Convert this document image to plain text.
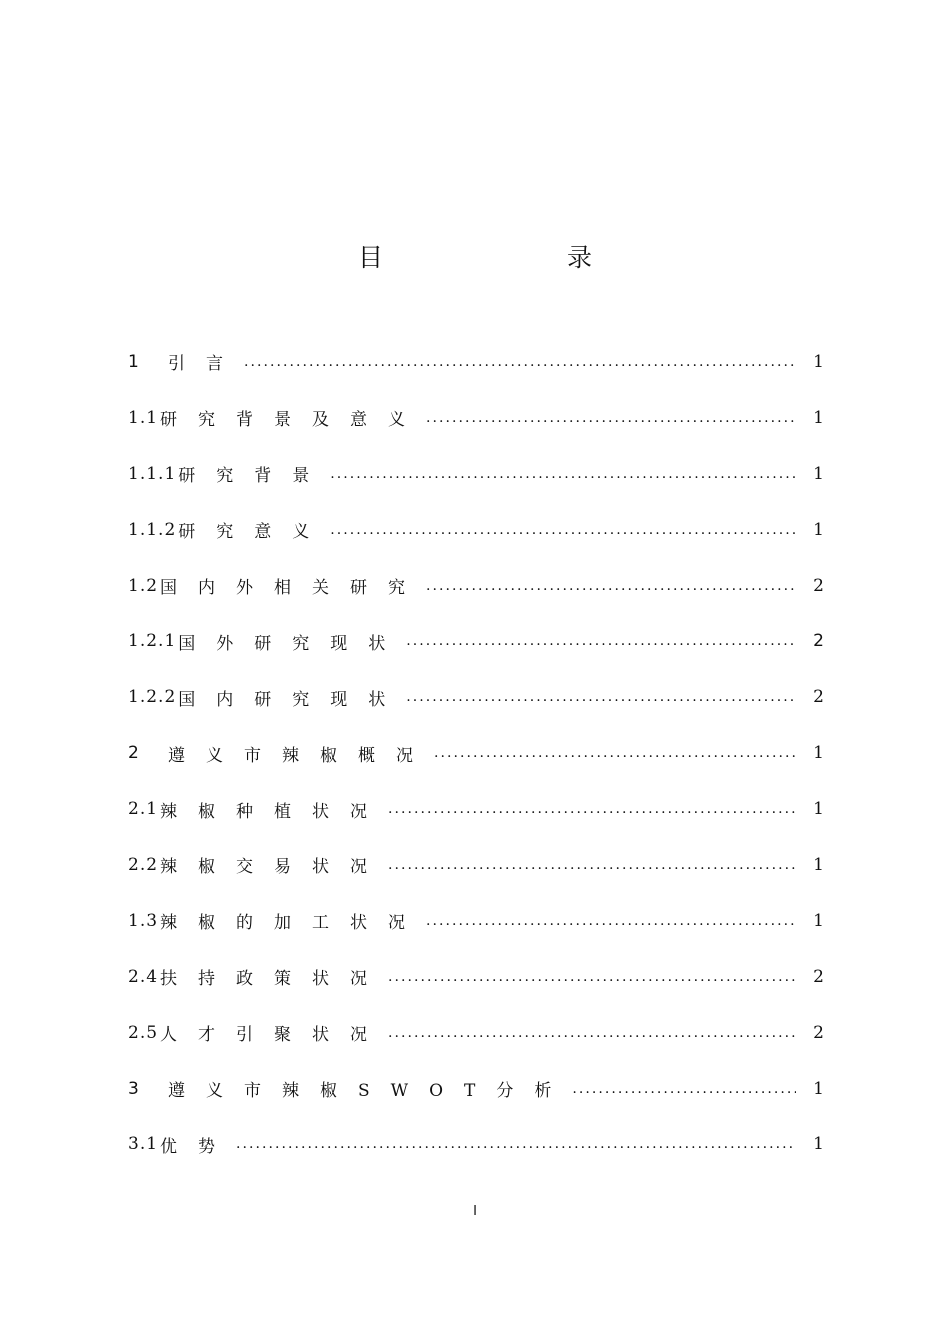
目 录
1	引言 . . .	1
1.1 研究背景及意义 . . .	1
1.1.1 研究背景 . . .	1
1.1.2 研究意义 . . .	1
1.2 国内外相关研究 . . .	2
1.2.1 国外研究现状 . . .	2
1.2.2 国内研究现状 . . .	2
2	遵义市辣椒概况 . . .	1
2.1 辣椒种植状况 . . .	1
2.2 辣椒交易状况 . . .	1
1.3 辣椒的加工状况 . . .	1
2.4 扶持政策状况 . . .	2
2.5 人才引聚状况 . . .	2
3	遵义市辣椒SWOT分析 . . .	1
3.1 优势 . . .	1
I
